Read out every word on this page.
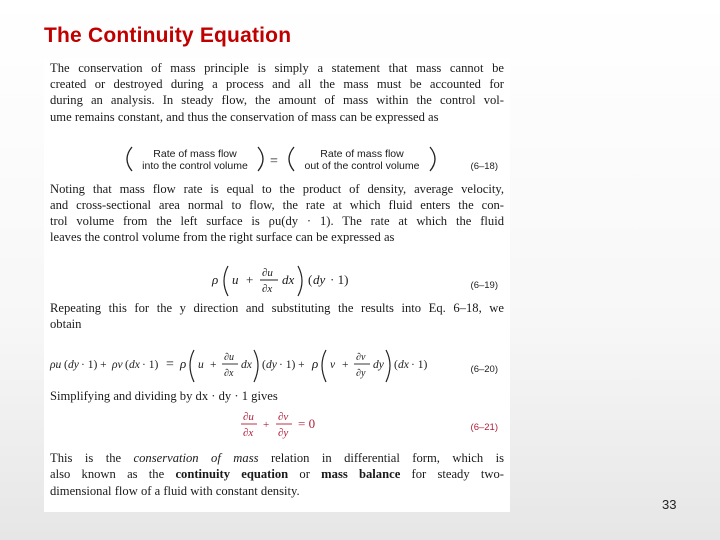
The Continuity Equation
The conservation of mass principle is simply a statement that mass cannot be
created or destroyed during a process and all the mass must be accounted for
during an analysis. In steady flow, the amount of mass within the control vol-
ume remains constant, and thus the conservation of mass can be expressed as
Rate of mass flow
into the control volume =	Rate of mass flow
out of the control volume	(6–18)
Noting that mass flow rate is equal to the product of density, average velocity,
and cross-sectional area normal to flow, the rate at which fluid enters the con-
trol volume from the left surface is ρu(dy · 1). The rate at which the fluid
leaves the control volume from the right surface can be expressed as
ρ u + ∂u
∂x
dx ( dy · 1)	(6–19)
Repeating this for the y direction and substituting the results into Eq. 6–18, we
obtain
ρu ( dy · 1) + ρv ( dx · 1) = ρ u +
∂u
∂x
dx ( dy · 1) + ρ v +
∂v
∂y
dy ( dx · 1)	(6–20)
Simplifying and dividing by dx · dy · 1 gives
∂u
∂x
+
∂v
∂y
= 0	(6–21)
This is the conservation of mass relation in differential form, which is
also known as the continuity equation or mass balance for steady two-
dimensional flow of a fluid with constant density.
33
